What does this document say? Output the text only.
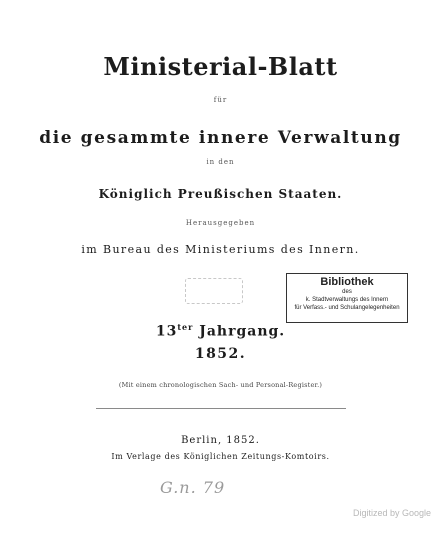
Ministerial-Blatt
für
die gesammte innere Verwaltung
in den
Königlich Preußischen Staaten.
Herausgegeben
im Bureau des Ministeriums des Innern.
Bibliothek
des
k. Stadtverwaltungs des Innern
für Verfass.- und Schulangelegenheiten
$13^{ter}$ Jahrgang.
1852.
(Mit einem chronologischen Sach- und Personal-Register.)
Berlin, 1852.
Im Verlage des Königlichen Zeitungs-Komtoirs.
G.n. 79
Digitized by Google
